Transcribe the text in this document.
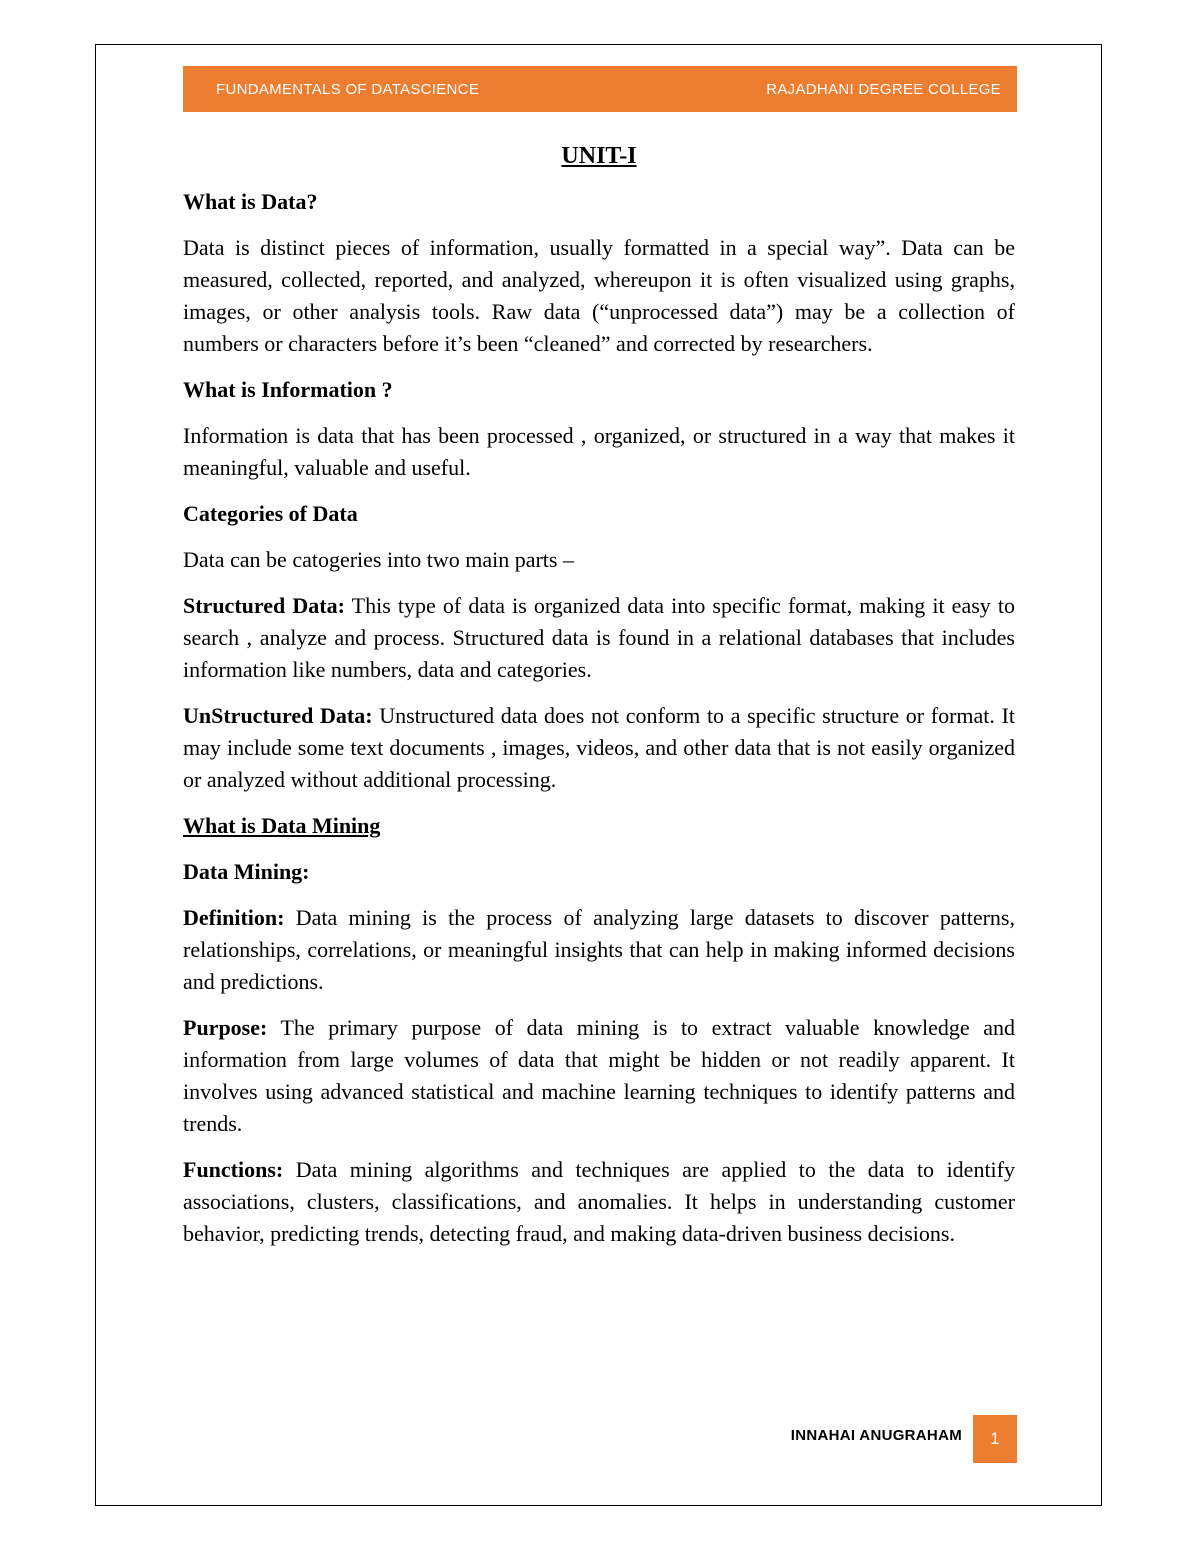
FUNDAMENTALS OF DATASCIENCE	RAJADHANI DEGREE COLLEGE
UNIT-I
What is Data?
Data is distinct pieces of information, usually formatted in a special way”. Data can be measured, collected, reported, and analyzed, whereupon it is often visualized using graphs, images, or other analysis tools. Raw data (“unprocessed data”) may be a collection of numbers or characters before it’s been “cleaned” and corrected by researchers.
What is Information ?
Information is data that has been processed , organized, or structured in a way that makes it meaningful, valuable and useful.
Categories of Data
Data can be catogeries into two main parts –
Structured Data: This type of data is organized data into specific format, making it easy to search , analyze and process. Structured data is found in a relational databases that includes information like numbers, data and categories.
UnStructured Data: Unstructured data does not conform to a specific structure or format. It may include some text documents , images, videos, and other data that is not easily organized or analyzed without additional processing.
What is Data Mining
Data Mining:
Definition: Data mining is the process of analyzing large datasets to discover patterns, relationships, correlations, or meaningful insights that can help in making informed decisions and predictions.
Purpose: The primary purpose of data mining is to extract valuable knowledge and information from large volumes of data that might be hidden or not readily apparent. It involves using advanced statistical and machine learning techniques to identify patterns and trends.
Functions: Data mining algorithms and techniques are applied to the data to identify associations, clusters, classifications, and anomalies. It helps in understanding customer behavior, predicting trends, detecting fraud, and making data-driven business decisions.
INNAHAI ANUGRAHAM	1
